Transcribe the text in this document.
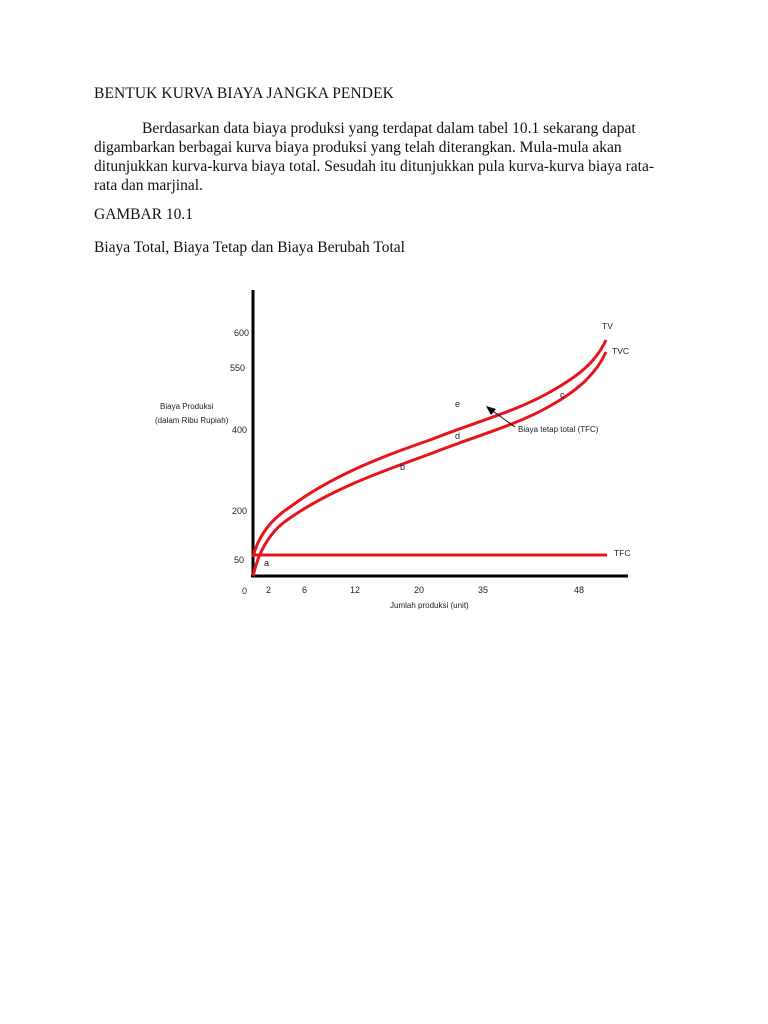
BENTUK KURVA BIAYA JANGKA PENDEK

Berdasarkan data biaya produksi yang terdapat dalam tabel 10.1 sekarang dapat
digambarkan berbagai kurva biaya produksi yang telah diterangkan. Mula-mula akan
ditunjukkan kurva-kurva biaya total. Sesudah itu ditunjukkan pula kurva-kurva biaya rata-
rata dan marjinal.

GAMBAR 10.1
Biaya Total, Biaya Tetap dan Biaya Berubah Total
600
550
400
200
50
Biaya Produksi
(dalam Ribu Rupiah)
0 2	6	12	20	35	48
Jumlah produksi (unit)
TV
TVC
TFC
a
b
c
d
e
Biaya tetap total (TFC)
